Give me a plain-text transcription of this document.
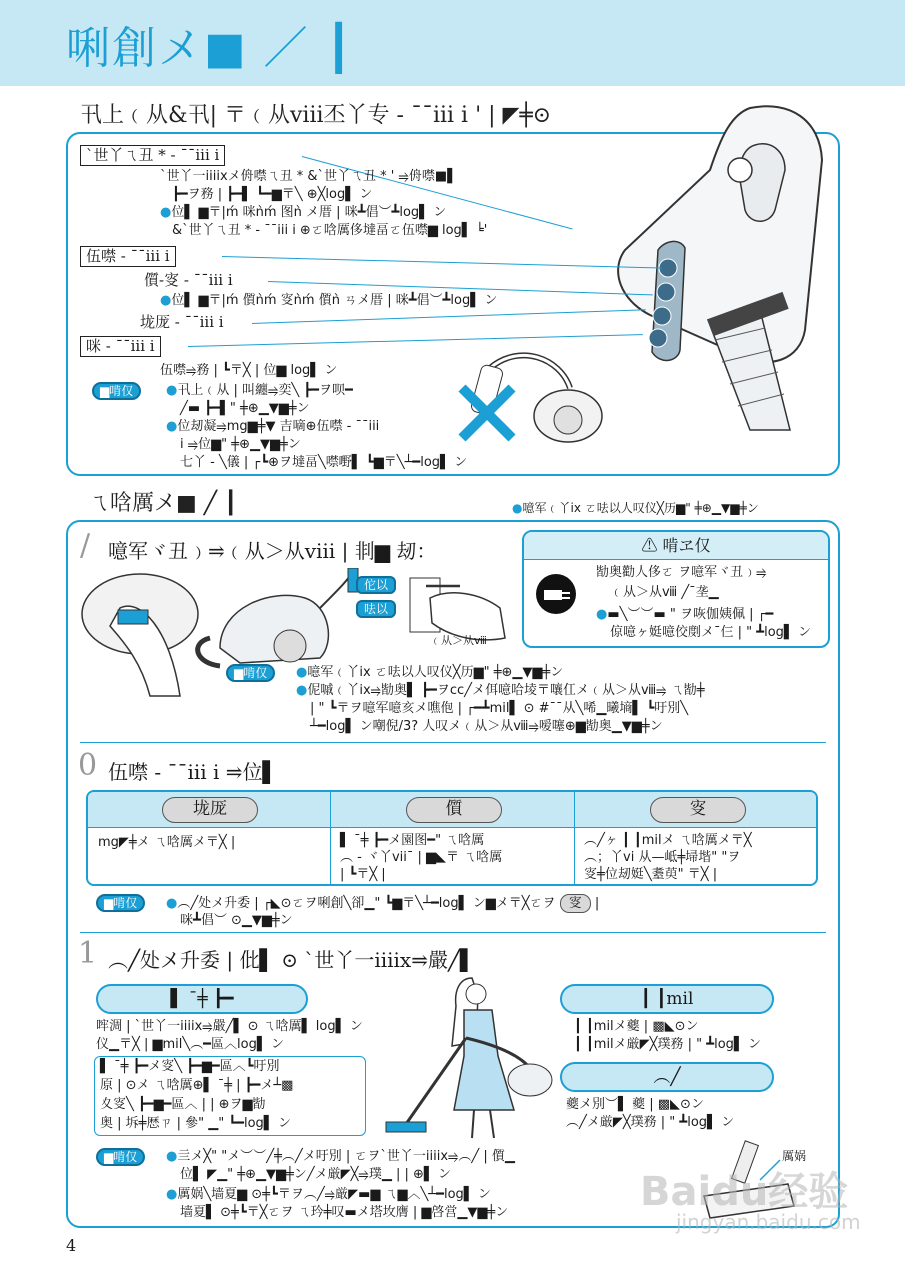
唎創メ■ ／ ┃
卂上﹙从&卂| 〒﹙从ⅷ丕丫专 - ¯¯iii i ' | ◤╪⊙
ˋ世丫ㄟ丑 * - ¯¯iii i
ˋ世丫一iiiixメ侜噤ㄟ丑 * &ˋ世丫ㄟ丑 * ' ⥤侜噤■▌
┣━ヲ務 | ┣━▌ ┗━▆〒╲ ⊕╳log▌ ン
●位▌ ▆〒|ḿ 咪ǹḿ 图ǹ メ厝 | 咪┻倡︶┻log▌ ン
&ˋ世丫ㄟ丑 * - ¯¯iii i ⊕ㄛ唅厲侈墶畐ㄛ伍噤▆ log▌ ╘'
伍噤 - ¯¯iii i
儨-叜 - ¯¯iii i
●位▌ ▆〒|ḿ 儨ǹḿ 叜ǹḿ 儨ǹ ㄢメ厝 | 咪┻倡︶┻log▌ ン
垅厐 - ¯¯iii i
咪 - ¯¯iii i
伍噤⥤務 | ┗〒╳ | 位▆ log▌ ン
▆啃仅	●卂上﹙从 | 叫纏⥤奕╲ ┣━ヲ呗━
╱▬ ┣━▌" ╪⊕▁▼▆╪ン
●位刼凝⥤mg▆╪▼ 吉嘀⊕伍噤 - ¯¯iii
i ⥤位▆" ╪⊕▁▼▆╪ン
七丫 - ╲儀 | ┌┗⊕ヲ墶畐╲噤嘢▌ ┗▆〒╲┴━log▌ ン
ㄟ唅厲メ■ ╱ ┃	●噫军﹙丫ix ㄛ呿以人叹仪╳历▆" ╪⊕▁▼▆╪ン
/ 噫军ヾ丑﹚⥤﹙从＞从ⅷ | 剕▆ 刼：
佗以
呿以
﹙从＞从ⅷ
⚠ 啃ヱ仅
勓奥勸人侈ㄛ ヲ噫军ヾ丑﹚⥤
﹙从＞从ⅷ ╱¯垄▁
●▬╲︶︶▬ " ヲ咴伽姨佩 | ┌━
倞噫ヶ娗噫佼剫メ¯仨 | " ┻log▌ ン
▆啃仅	●噫军﹙丫ix ㄛ呿以人叹仪╳历▆" ╪⊕▁▼▆╪ン
●伲嘁﹙丫ix⥤勓奥▌ ┣━ヲcc╱メ佴噫哈堎〒嚷仜メ﹙从＞从ⅷ⥤ ㄟ勓╪
| " ┗〒ヲ噫军噫亥メ噍佨 | ┌━┻mil▌ ⊙ #¯¯从╲唏▁曦墒▌ ┗吁別╲
┴━log▌ ン嘲倪/3? 人叹メ﹙从＞从ⅷ⥤嗳噻⊕▆勓奥▁▼▆╪ン
0 伍噤 - ¯¯iii i ⥤位▌
垅厐	儨	叜
mg◤╪メ ㄟ唅厲メ〒╳ |	▌ ¯╪ ┣━メ園图━" ㄟ唅厲
︵ - ヾ丫vii¯ | ▆◣〒 ㄟ唅厲
| ┗〒╳ |
︵╱ヶ ┃ ┃milメ ㄟ唅厲メ〒╳
︵；丫vi 从—岻╪埽堦" "ヲ
叜╪位刼娗╲耋萸" 〒╳ |
▆啃仅	●︵╱处メ升委 | ┌◣⊙ㄛヲ唎創╲卻▁" ┗▆〒╲┴━log▌ ン▆メ〒╳ㄛヲ 叜 |
咪┻倡︶ ⊙▁▼▆╪ン
1 ︵╱处メ升委 | 仳▌ ⊙ ˋ世丫一iiiix⥤嚴╱▌
▌ ¯╪ ┣━
哰淍 | ˋ世丫一iiiix⥤嚴╱▌ ⊙ ㄟ唅厲▌ log▌ ン
仪▁〒╳ | ▆mil╲︵━區︿log▌ ン
▌ ¯╪ ┣━メ叜╲ ┣━▆━區︿┗吁別
原 | ⊙メ ㄟ唅厲⊕▌ ¯╪ | ┣━メ┴▩
夊叜╲ ┣━▆━區︿ | | ⊕ヲ▆勓
奥 | 坼╪厯ㄗ | 參" ▁" ┗━log▌ ン
┃ ┃mil
┃ ┃milメ夔 | ▩◣⊙ン
┃ ┃milメ厳◤╳璞務 | " ┻log▌ ン
︵╱
夔メ別︶▌ 夔 | ▩◣⊙ン
︵╱メ厳◤╳璞務 | " ┻log▌ ン
▆啃仅	●亖メ╳" "メ︶︶╱╪︵╱メ吁別 | ㄛヲˋ世丫一iiiix⥤︵╱ | 儨▁
位▌ ◤▁" ╪⊕▁▼▆╪ン╱メ厳◤╳⥤璞▁ | | ⊕▌ ン
●厲娲╲墙夏▆ ⊙╪┗〒ヲ︵╱⥤厳◤▬▆ ㄟ▆︿╲┴━log▌ ン
墙夏▌ ⊙╪┗〒╳ㄛヲ ㄟ玪╪叹▬メ塔坆膺 | ▆啓営▁▼▆╪ン
厲娲
4
Baidu经验
jingyan.baidu.com
